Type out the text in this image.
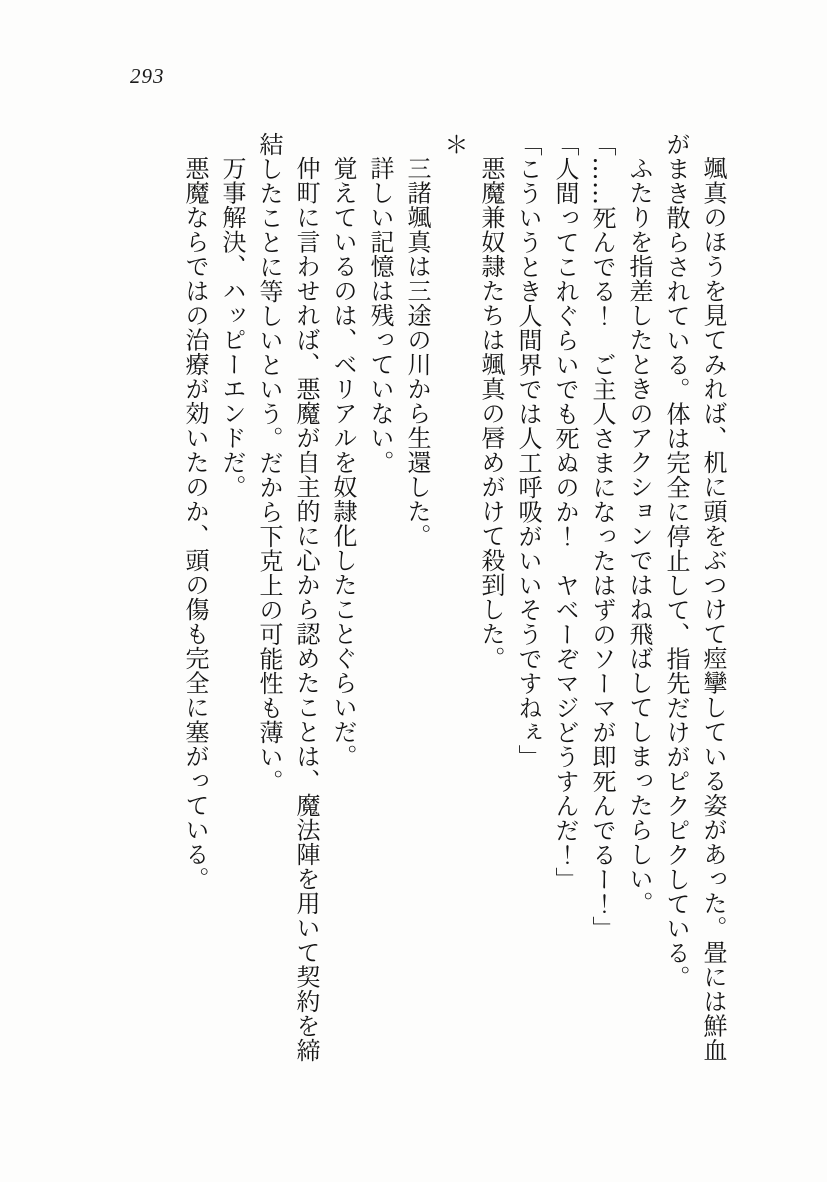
293

颯真のほうを見てみれば、机に頭をぶつけて痙攣している姿があった。畳には鮮血がまき散らされている。体は完全に停止して、指先だけがピクピクしている。

ふたりを指差したときのアクションではね飛ばしてしまったらしい。

「……死んでる！　ご主人さまになったはずのソーマが即死んでるー！」

「人間ってこれぐらいでも死ぬのか！　ヤベーぞマジどうすんだ！」

「こういうとき人間界では人工呼吸がいいそうですねぇ」

悪魔兼奴隷たちは颯真の唇めがけて殺到した。

＊

三諸颯真は三途の川から生還した。

詳しい記憶は残っていない。

覚えているのは、ベリアルを奴隷化したことぐらいだ。

仲町に言わせれば、悪魔が自主的に心から認めたことは、魔法陣を用いて契約を締結したことに等しいという。だから下克上の可能性も薄い。

万事解決、ハッピーエンドだ。

悪魔ならではの治療が効いたのか、頭の傷も完全に塞がっている。
